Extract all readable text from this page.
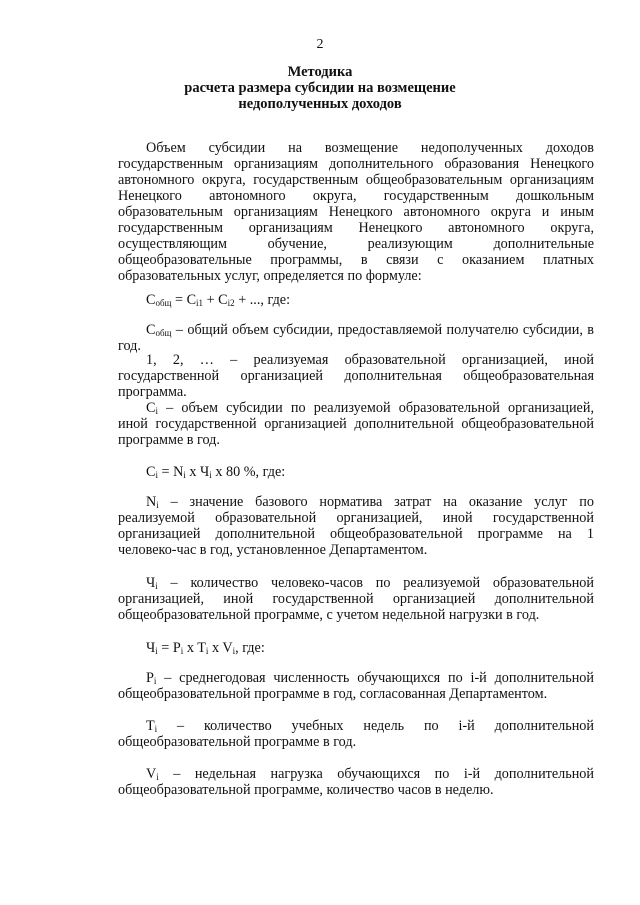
2
Методика
расчета размера субсидии на возмещение
недополученных доходов

Объем субсидии на возмещение недополученных доходов государственным организациям дополнительного образования Ненецкого автономного округа, государственным общеобразовательным организациям Ненецкого автономного округа, государственным дошкольным образовательным организациям Ненецкого автономного округа и иным государственным организациям Ненецкого автономного округа, осуществляющим обучение, реализующим дополнительные общеобразовательные программы, в связи с оказанием платных образовательных услуг, определяется по формуле:

$C_{общ} = C_{i1} + C_{i2}$ + ..., где:

$C_{общ}$ – общий объем субсидии, предоставляемой получателю субсидии, в год.

1, 2, … – реализуемая образовательной организацией, иной государственной организацией дополнительная общеобразовательная программа.

$C_i$ – объем субсидии по реализуемой образовательной организацией, иной государственной организацией дополнительной общеобразовательной программе в год.

$C_i = N_i$ x $Ч_i$ x 80 %, где:

$N_i$ – значение базового норматива затрат на оказание услуг по реализуемой образовательной организацией, иной государственной организацией дополнительной общеобразовательной программе на 1 человеко-час в год, установленное Департаментом.

$Ч_i$ – количество человеко-часов по реализуемой образовательной организацией, иной государственной организацией дополнительной общеобразовательной программе, с учетом недельной нагрузки в год.

$Ч_i = P_i$ x $T_i$ x $V_i$, где:

$P_i$ – среднегодовая численность обучающихся по i-й дополнительной общеобразовательной программе в год, согласованная Департаментом.

$T_i$ – количество учебных недель по i-й дополнительной общеобразовательной программе в год.

$V_i$ – недельная нагрузка обучающихся по i-й дополнительной общеобразовательной программе, количество часов в неделю.
